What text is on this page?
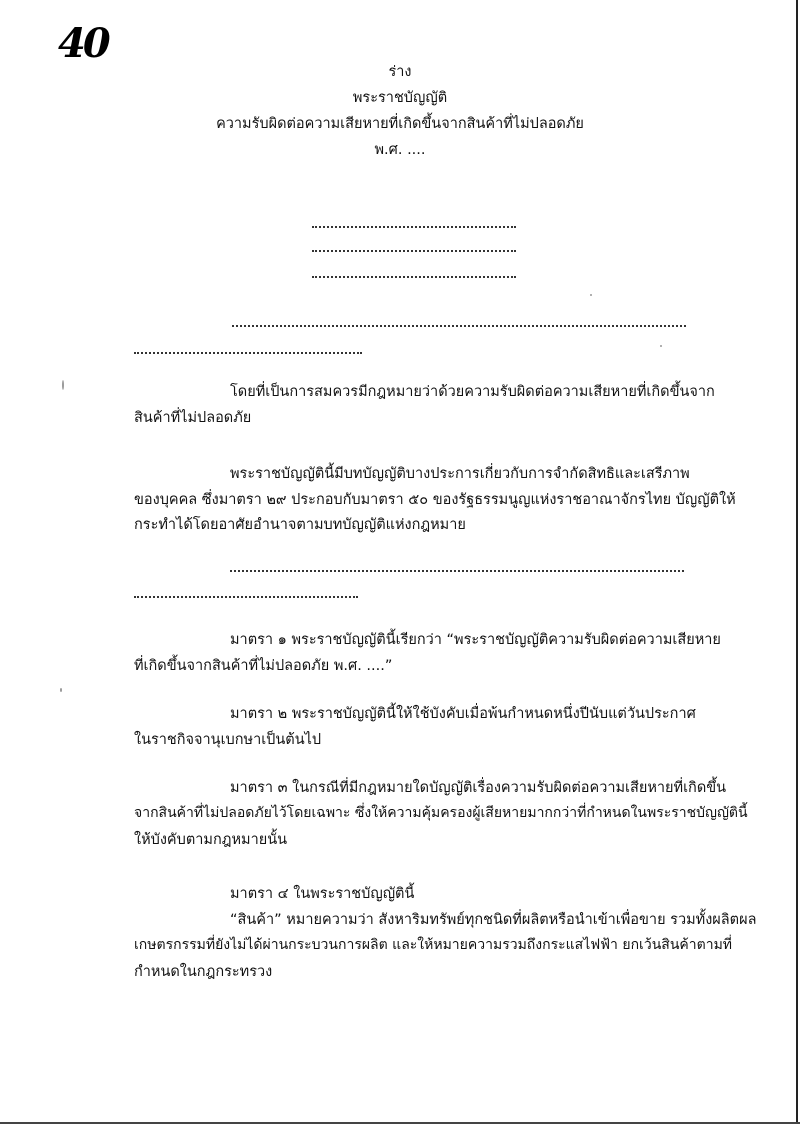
40
ร่าง
พระราชบัญญัติ
ความรับผิดต่อความเสียหายที่เกิดขึ้นจากสินค้าที่ไม่ปลอดภัย
พ.ศ. ....
โดยที่เป็นการสมควรมีกฎหมายว่าด้วยความรับผิดต่อความเสียหายที่เกิดขึ้นจาก
สินค้าที่ไม่ปลอดภัย
พระราชบัญญัตินี้มีบทบัญญัติบางประการเกี่ยวกับการจำกัดสิทธิและเสรีภาพ
ของบุคคล ซึ่งมาตรา ๒๙ ประกอบกับมาตรา ๕๐ ของรัฐธรรมนูญแห่งราชอาณาจักรไทย บัญญัติให้
กระทำได้โดยอาศัยอำนาจตามบทบัญญัติแห่งกฎหมาย
มาตรา ๑ พระราชบัญญัตินี้เรียกว่า “พระราชบัญญัติความรับผิดต่อความเสียหาย
ที่เกิดขึ้นจากสินค้าที่ไม่ปลอดภัย พ.ศ. ....”
มาตรา ๒ พระราชบัญญัตินี้ให้ใช้บังคับเมื่อพ้นกำหนดหนึ่งปีนับแต่วันประกาศ
ในราชกิจจานุเบกษาเป็นต้นไป
มาตรา ๓ ในกรณีที่มีกฎหมายใดบัญญัติเรื่องความรับผิดต่อความเสียหายที่เกิดขึ้น
จากสินค้าที่ไม่ปลอดภัยไว้โดยเฉพาะ ซึ่งให้ความคุ้มครองผู้เสียหายมากกว่าที่กำหนดในพระราชบัญญัตินี้
ให้บังคับตามกฎหมายนั้น
มาตรา ๔ ในพระราชบัญญัตินี้
“สินค้า” หมายความว่า สังหาริมทรัพย์ทุกชนิดที่ผลิตหรือนำเข้าเพื่อขาย รวมทั้งผลิตผล
เกษตรกรรมที่ยังไม่ได้ผ่านกระบวนการผลิต และให้หมายความรวมถึงกระแสไฟฟ้า ยกเว้นสินค้าตามที่
กำหนดในกฎกระทรวง
